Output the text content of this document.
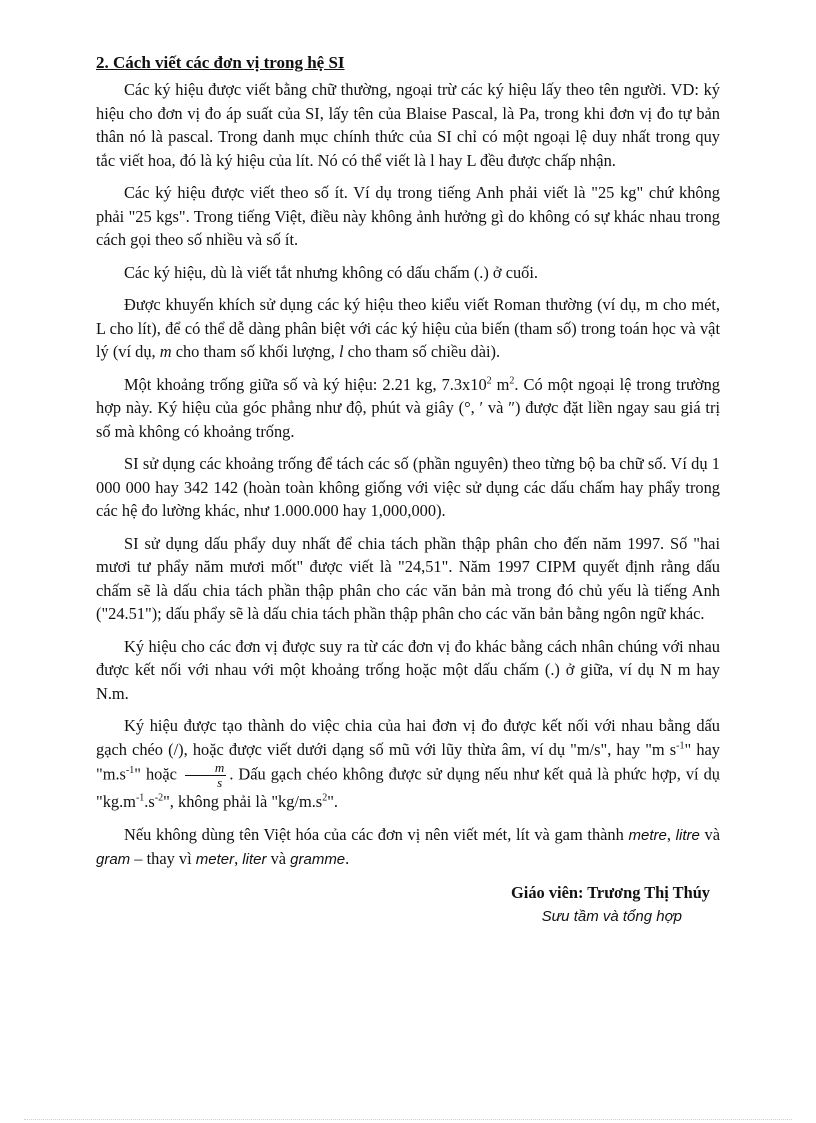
2. Cách viết các đơn vị trong hệ SI

Các ký hiệu được viết bằng chữ thường, ngoại trừ các ký hiệu lấy theo tên người. VD: ký hiệu cho đơn vị đo áp suất của SI, lấy tên của Blaise Pascal, là Pa, trong khi đơn vị đo tự bản thân nó là pascal. Trong danh mục chính thức của SI chỉ có một ngoại lệ duy nhất trong quy tắc viết hoa, đó là ký hiệu của lít. Nó có thể viết là l hay L đều được chấp nhận.

Các ký hiệu được viết theo số ít. Ví dụ trong tiếng Anh phải viết là "25 kg" chứ không phải "25 kgs". Trong tiếng Việt, điều này không ảnh hưởng gì do không có sự khác nhau trong cách gọi theo số nhiều và số ít.

Các ký hiệu, dù là viết tắt nhưng không có dấu chấm (.) ở cuối.

Được khuyến khích sử dụng các ký hiệu theo kiểu viết Roman thường (ví dụ, m cho mét, L cho lít), để có thể dễ dàng phân biệt với các ký hiệu của biến (tham số) trong toán học và vật lý (ví dụ, m cho tham số khối lượng, l cho tham số chiều dài).

Một khoảng trống giữa số và ký hiệu: 2.21 kg, $7.3x10^2$ $m^2$. Có một ngoại lệ trong trường hợp này. Ký hiệu của góc phẳng như độ, phút và giây (°, ′ và ″) được đặt liền ngay sau giá trị số mà không có khoảng trống.

SI sử dụng các khoảng trống để tách các số (phần nguyên) theo từng bộ ba chữ số. Ví dụ 1 000 000 hay 342 142 (hoàn toàn không giống với việc sử dụng các dấu chấm hay phẩy trong các hệ đo lường khác, như 1.000.000 hay 1,000,000).

SI sử dụng dấu phẩy duy nhất để chia tách phần thập phân cho đến năm 1997. Số "hai mươi tư phẩy năm mươi mốt" được viết là "24,51". Năm 1997 CIPM quyết định rằng dấu chấm sẽ là dấu chia tách phần thập phân cho các văn bản mà trong đó chủ yếu là tiếng Anh ("24.51"); dấu phẩy sẽ là dấu chia tách phần thập phân cho các văn bản bằng ngôn ngữ khác.

Ký hiệu cho các đơn vị được suy ra từ các đơn vị đo khác bằng cách nhân chúng với nhau được kết nối với nhau với một khoảng trống hoặc một dấu chấm (.) ở giữa, ví dụ N m hay N.m.

Ký hiệu được tạo thành do việc chia của hai đơn vị đo được kết nối với nhau bằng dấu gạch chéo (/), hoặc được viết dưới dạng số mũ với lũy thừa âm, ví dụ "m/s", hay "m $s^{-1}$" hay "$m.s^{-1}$" hoặc $\frac{m}{s}$ . Dấu gạch chéo không được sử dụng nếu như kết quả là phức hợp, ví dụ "$kg.m^{-1}.s^{-2}$", không phải là "$kg/m.s^2$".

Nếu không dùng tên Việt hóa của các đơn vị nên viết mét, lít và gam thành metre, litre và gram – thay vì meter, liter và gramme.

Giáo viên: Trương Thị Thúy
Sưu tầm và tổng hợp
